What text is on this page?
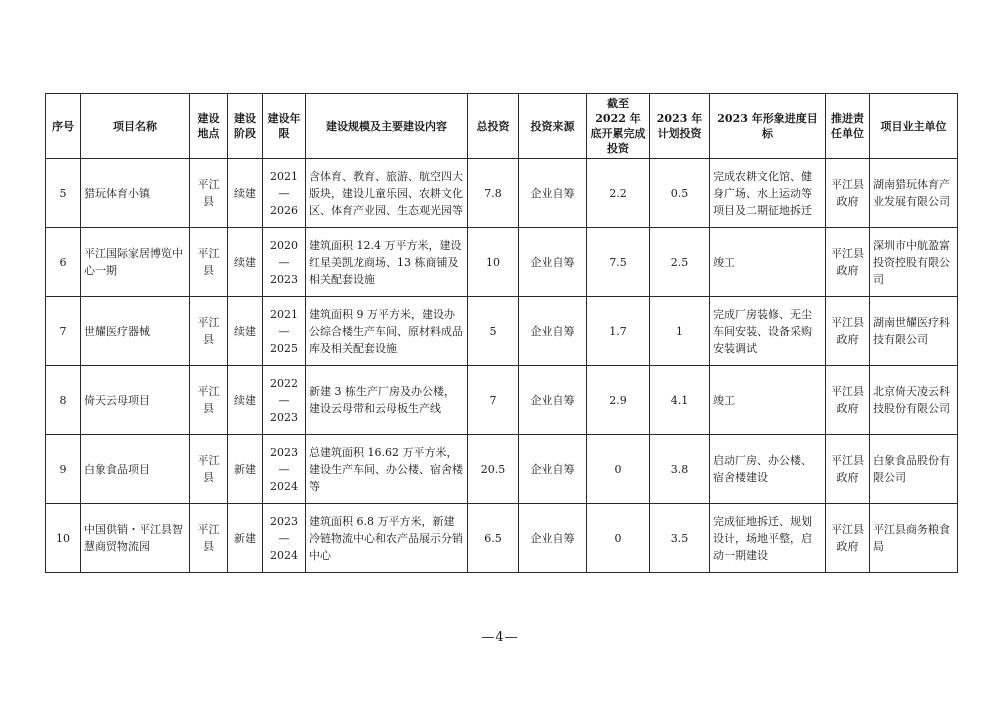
序号	项目名称	建设地点	建设阶段	建设年限	建设规模及主要建设内容	总投资	投资来源	截至 2022 年底开累完成投资	2023 年计划投资	2023 年形象进度目标	推进责任单位	项目业主单位
5	猎玩体育小镇	平江县	续建	2021—2026	含体育、教育、旅游、航空四大版块，建设儿童乐园、农耕文化区、体育产业园、生态观光园等	7.8	企业自筹	2.2	0.5	完成农耕文化馆、健身广场、水上运动等项目及二期征地拆迁	平江县政府	湖南猎玩体育产业发展有限公司
6	平江国际家居博览中心一期	平江县	续建	2020—2023	建筑面积 12.4 万平方米，建设红星美凯龙商场、13 栋商铺及相关配套设施	10	企业自筹	7.5	2.5	竣工	平江县政府	深圳市中航盈富投资控股有限公司
7	世耀医疗器械	平江县	续建	2021—2025	建筑面积 9 万平方米，建设办公综合楼生产车间、原材料成品库及相关配套设施	5	企业自筹	1.7	1	完成厂房装修、无尘车间安装、设备采购安装调试	平江县政府	湖南世耀医疗科技有限公司
8	倚天云母项目	平江县	续建	2022—2023	新建 3 栋生产厂房及办公楼，建设云母带和云母板生产线	7	企业自筹	2.9	4.1	竣工	平江县政府	北京倚天凌云科技股份有限公司
9	白象食品项目	平江县	新建	2023—2024	总建筑面积 16.62 万平方米，建设生产车间、办公楼、宿舍楼等	20.5	企业自筹	0	3.8	启动厂房、办公楼、宿舍楼建设	平江县政府	白象食品股份有限公司
10	中国供销・平江县智慧商贸物流园	平江县	新建	2023—2024	建筑面积 6.8 万平方米，新建冷链物流中心和农产品展示分销中心	6.5	企业自筹	0	3.5	完成征地拆迁、规划设计，场地平整，启动一期建设	平江县政府	平江县商务粮食局
—4—
